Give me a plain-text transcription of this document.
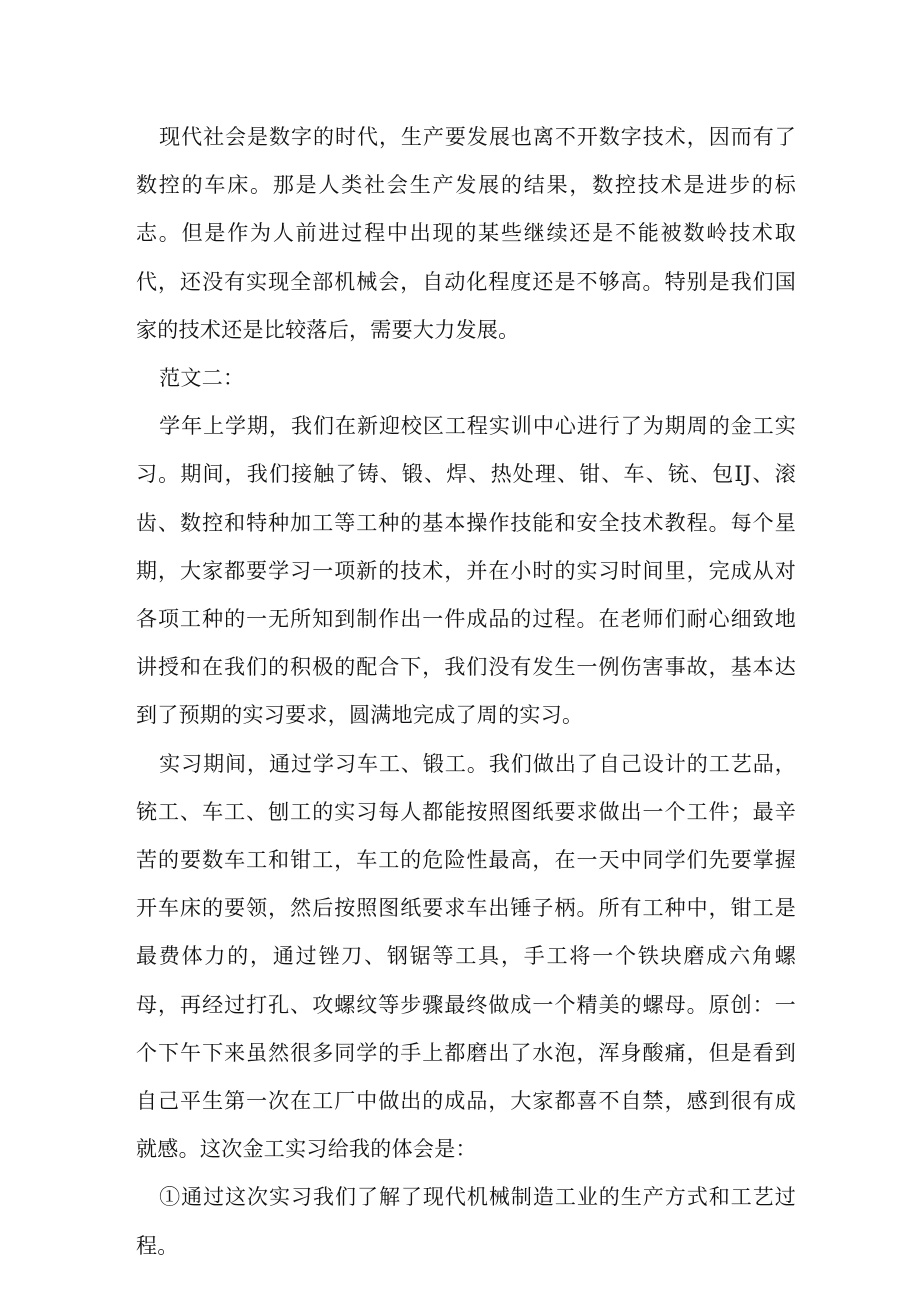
现代社会是数字的时代，生产要发展也离不开数字技术，因而有了数控的车床。那是人类社会生产发展的结果，数控技术是进步的标志。但是作为人前进过程中出现的某些继续还是不能被数岭技术取代，还没有实现全部机械会，自动化程度还是不够高。特别是我们国家的技术还是比较落后，需要大力发展。

范文二：

学年上学期，我们在新迎校区工程实训中心进行了为期周的金工实习。期间，我们接触了铸、锻、焊、热处理、钳、车、铳、包IJ、滚齿、数控和特种加工等工种的基本操作技能和安全技术教程。每个星期，大家都要学习一项新的技术，并在小时的实习时间里，完成从对各项工种的一无所知到制作出一件成品的过程。在老师们耐心细致地讲授和在我们的积极的配合下，我们没有发生一例伤害事故，基本达到了预期的实习要求，圆满地完成了周的实习。

实习期间，通过学习车工、锻工。我们做出了自己设计的工艺品，铳工、车工、刨工的实习每人都能按照图纸要求做出一个工件；最辛苦的要数车工和钳工，车工的危险性最高，在一天中同学们先要掌握开车床的要领，然后按照图纸要求车出锤子柄。所有工种中，钳工是最费体力的，通过锉刀、钢锯等工具，手工将一个铁块磨成六角螺母，再经过打孔、攻螺纹等步骤最终做成一个精美的螺母。原创：一个下午下来虽然很多同学的手上都磨出了水泡，浑身酸痛，但是看到自己平生第一次在工厂中做出的成品，大家都喜不自禁，感到很有成就感。这次金工实习给我的体会是：

①通过这次实习我们了解了现代机械制造工业的生产方式和工艺过程。
